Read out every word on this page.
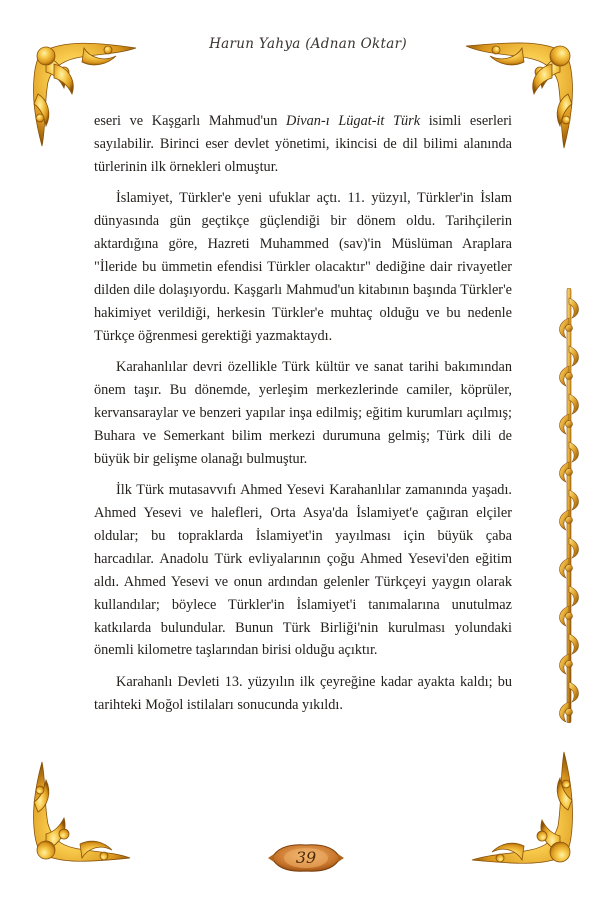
Harun Yahya (Adnan Oktar)

eseri ve Kaşgarlı Mahmud'un Divan-ı Lügat-it Türk isimli eserleri sayılabilir. Birinci eser devlet yönetimi, ikincisi de dil bilimi alanında türlerinin ilk örnekleri olmuştur.

İslamiyet, Türkler'e yeni ufuklar açtı. 11. yüzyıl, Türkler'in İslam dünyasında gün geçtikçe güçlendiği bir dönem oldu. Tarihçilerin aktardığına göre, Hazreti Muhammed (sav)'in Müslüman Araplara "İleride bu ümmetin efendisi Türkler olacaktır" dediğine dair rivayetler dilden dile dolaşıyordu. Kaşgarlı Mahmud'un kitabının başında Türkler'e hakimiyet verildiği, herkesin Türkler'e muhtaç olduğu ve bu nedenle Türkçe öğrenmesi gerektiği yazmaktaydı.

Karahanlılar devri özellikle Türk kültür ve sanat tarihi bakımından önem taşır. Bu dönemde, yerleşim merkezlerinde camiler, köprüler, kervansaraylar ve benzeri yapılar inşa edilmiş; eğitim kurumları açılmış; Buhara ve Semerkant bilim merkezi durumuna gelmiş; Türk dili de büyük bir gelişme olanağı bulmuştur.

İlk Türk mutasavvıfı Ahmed Yesevi Karahanlılar zamanında yaşadı. Ahmed Yesevi ve halefleri, Orta Asya'da İslamiyet'e çağıran elçiler oldular; bu topraklarda İslamiyet'in yayılması için büyük çaba harcadılar. Anadolu Türk evliyalarının çoğu Ahmed Yesevi'den eğitim aldı. Ahmed Yesevi ve onun ardından gelenler Türkçeyi yaygın olarak kullandılar; böylece Türkler'in İslamiyet'i tanımalarına unutulmaz katkılarda bulundular. Bunun Türk Birliği'nin kurulması yolundaki önemli kilometre taşlarından birisi olduğu açıktır.

Karahanlı Devleti 13. yüzyılın ilk çeyreğine kadar ayakta kaldı; bu tarihteki Moğol istilaları sonucunda yıkıldı.

39
